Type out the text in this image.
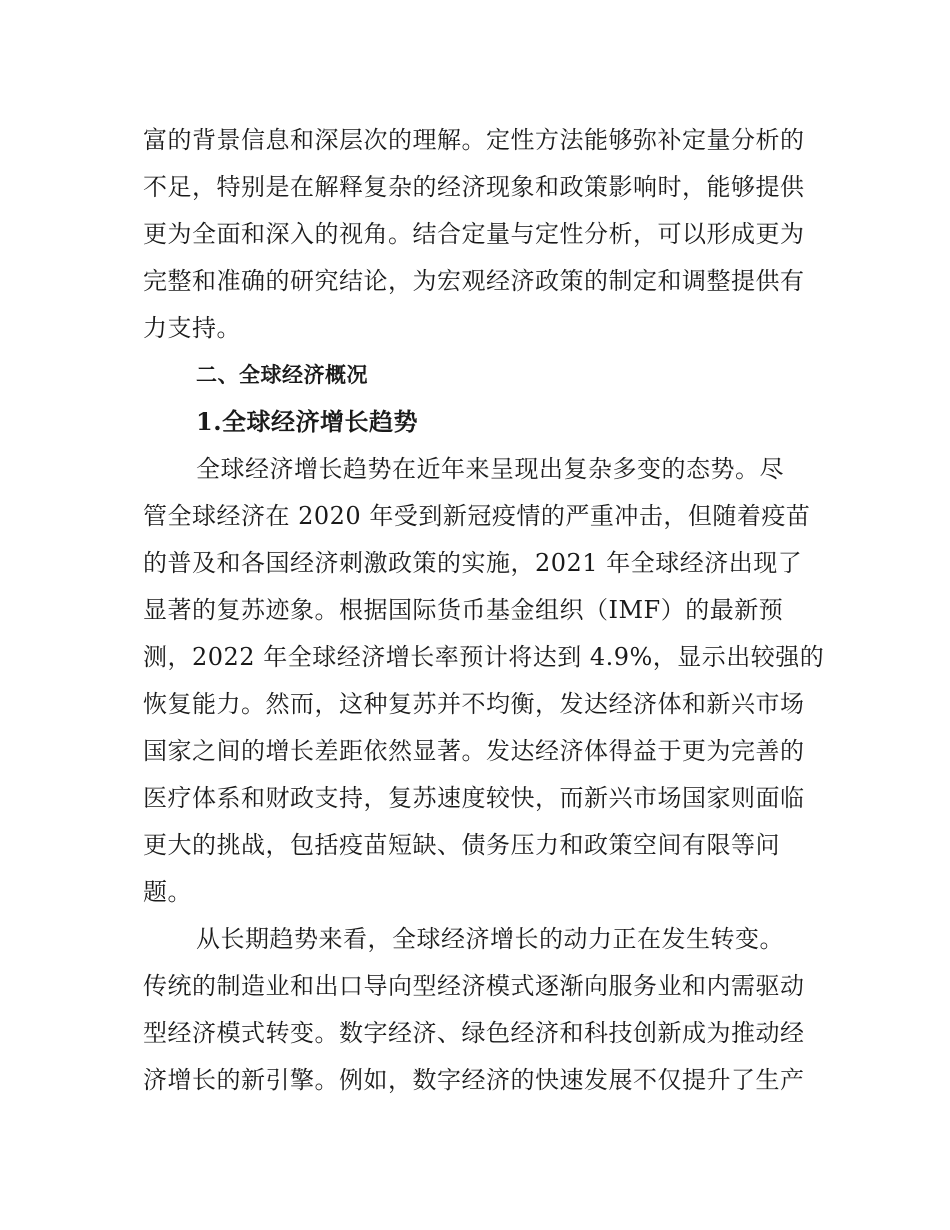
富的背景信息和深层次的理解。定性方法能够弥补定量分析的
不足，特别是在解释复杂的经济现象和政策影响时，能够提供
更为全面和深入的视角。结合定量与定性分析，可以形成更为
完整和准确的研究结论，为宏观经济政策的制定和调整提供有
力支持。
二、全球经济概况
1.全球经济增长趋势
全球经济增长趋势在近年来呈现出复杂多变的态势。尽
管全球经济在 2020 年受到新冠疫情的严重冲击，但随着疫苗
的普及和各国经济刺激政策的实施，2021 年全球经济出现了
显著的复苏迹象。根据国际货币基金组织（IMF）的最新预
测，2022 年全球经济增长率预计将达到 4.9%，显示出较强的
恢复能力。然而，这种复苏并不均衡，发达经济体和新兴市场
国家之间的增长差距依然显著。发达经济体得益于更为完善的
医疗体系和财政支持，复苏速度较快，而新兴市场国家则面临
更大的挑战，包括疫苗短缺、债务压力和政策空间有限等问
题。
从长期趋势来看，全球经济增长的动力正在发生转变。
传统的制造业和出口导向型经济模式逐渐向服务业和内需驱动
型经济模式转变。数字经济、绿色经济和科技创新成为推动经
济增长的新引擎。例如，数字经济的快速发展不仅提升了生产
